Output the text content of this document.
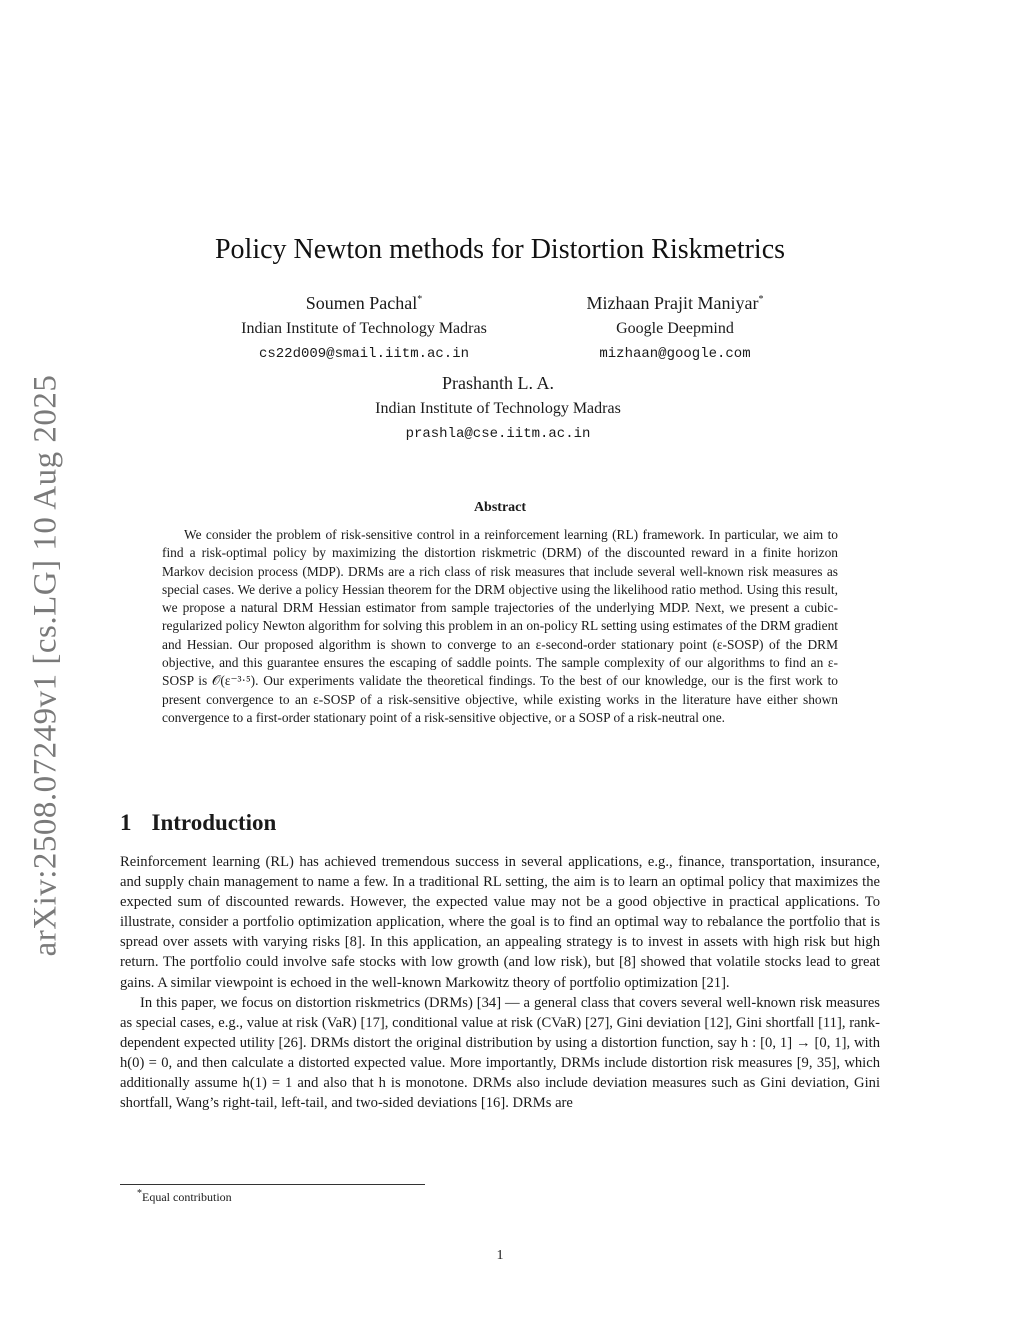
arXiv:2508.07249v1 [cs.LG] 10 Aug 2025
Policy Newton methods for Distortion Riskmetrics
Soumen Pachal*
Indian Institute of Technology Madras
cs22d009@smail.iitm.ac.in
Mizhaan Prajit Maniyar*
Google Deepmind
mizhaan@google.com
Prashanth L. A.
Indian Institute of Technology Madras
prashla@cse.iitm.ac.in
Abstract

We consider the problem of risk-sensitive control in a reinforcement learning (RL) framework. In particular, we aim to find a risk-optimal policy by maximizing the distortion riskmetric (DRM) of the discounted reward in a finite horizon Markov decision process (MDP). DRMs are a rich class of risk measures that include several well-known risk measures as special cases. We derive a policy Hessian theorem for the DRM objective using the likelihood ratio method. Using this result, we propose a natural DRM Hessian estimator from sample trajectories of the underlying MDP. Next, we present a cubic-regularized policy Newton algorithm for solving this problem in an on-policy RL setting using estimates of the DRM gradient and Hessian. Our proposed algorithm is shown to converge to an ε-second-order stationary point (ε-SOSP) of the DRM objective, and this guarantee ensures the escaping of saddle points. The sample complexity of our algorithms to find an ε-SOSP is 𝒪(ε⁻³·⁵). Our experiments validate the theoretical findings. To the best of our knowledge, our is the first work to present convergence to an ε-SOSP of a risk-sensitive objective, while existing works in the literature have either shown convergence to a first-order stationary point of a risk-sensitive objective, or a SOSP of a risk-neutral one.

1 Introduction

Reinforcement learning (RL) has achieved tremendous success in several applications, e.g., finance, transportation, insurance, and supply chain management to name a few. In a traditional RL setting, the aim is to learn an optimal policy that maximizes the expected sum of discounted rewards. However, the expected value may not be a good objective in practical applications. To illustrate, consider a portfolio optimization application, where the goal is to find an optimal way to rebalance the portfolio that is spread over assets with varying risks [8]. In this application, an appealing strategy is to invest in assets with high risk but high return. The portfolio could involve safe stocks with low growth (and low risk), but [8] showed that volatile stocks lead to great gains. A similar viewpoint is echoed in the well-known Markowitz theory of portfolio optimization [21].

In this paper, we focus on distortion riskmetrics (DRMs) [34] — a general class that covers several well-known risk measures as special cases, e.g., value at risk (VaR) [17], conditional value at risk (CVaR) [27], Gini deviation [12], Gini shortfall [11], rank-dependent expected utility [26]. DRMs distort the original distribution by using a distortion function, say h : [0, 1] → [0, 1], with h(0) = 0, and then calculate a distorted expected value. More importantly, DRMs include distortion risk measures [9, 35], which additionally assume h(1) = 1 and also that h is monotone. DRMs also include deviation measures such as Gini deviation, Gini shortfall, Wang’s right-tail, left-tail, and two-sided deviations [16]. DRMs are

*Equal contribution
1
